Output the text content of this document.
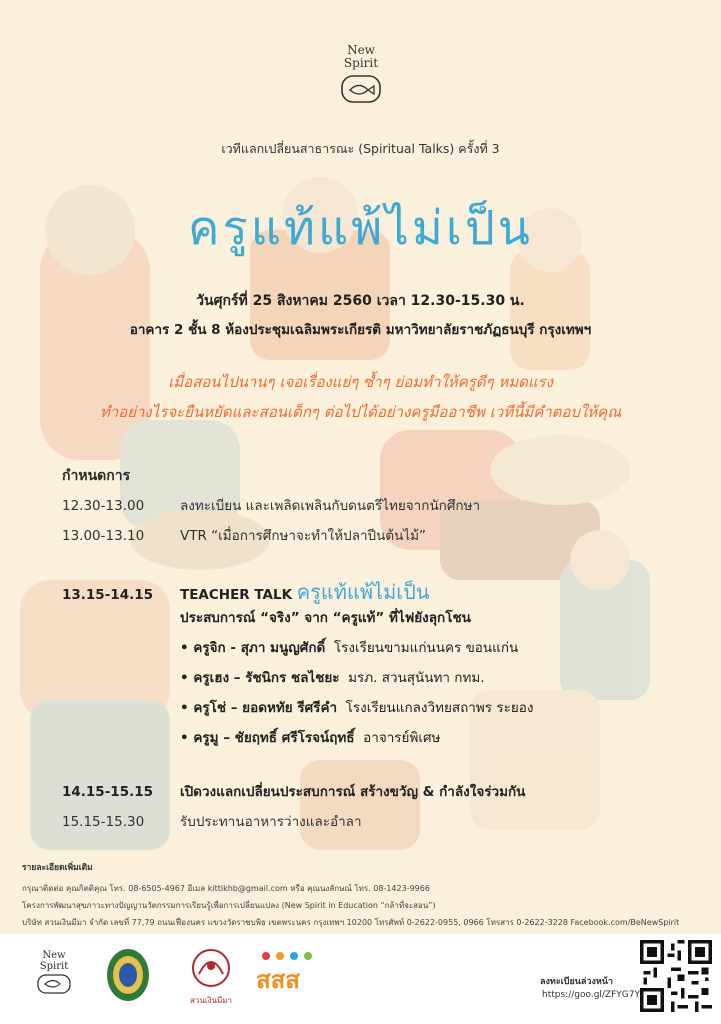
New
Spirit
เวทีแลกเปลี่ยนสาธารณะ (Spiritual Talks) ครั้งที่ 3
ครูแท้แพ้ไม่เป็น
วันศุกร์ที่ 25 สิงหาคม 2560 เวลา 12.30-15.30 น.
อาคาร 2 ชั้น 8 ห้องประชุมเฉลิมพระเกียรติ มหาวิทยาลัยราชภัฏธนบุรี กรุงเทพฯ
เมื่อสอนไปนานๆ เจอเรื่องแย่ๆ ซ้ำๆ ย่อมทำให้ครูดีๆ หมดแรง
ทำอย่างไรจะยืนหยัดและสอนเด็กๆ ต่อไปได้อย่างครูมืออาชีพ เวทีนี้มีคำตอบให้คุณ
กำหนดการ
12.30-13.00	ลงทะเบียน และเพลิดเพลินกับดนตรีไทยจากนักศึกษา
13.00-13.10	VTR “เมื่อการศึกษาจะทำให้ปลาปีนต้นไม้”
13.15-14.15 TEACHER TALK ครูแท้แพ้ไม่เป็น
ประสบการณ์ “จริง” จาก “ครูแท้” ที่ไฟยังลุกโชน
• ครูจิก - สุภา มนูญศักดิ์ โรงเรียนขามแก่นนคร ขอนแก่น
• ครูเฮง – รัชนิกร ชลไชยะ มรภ. สวนสุนันทา กทม.
• ครูโช่ – ยอดหทัย รีศรีคำ โรงเรียนแกลงวิทยสถาพร ระยอง
• ครูมู – ชัยฤทธิ์ ศรีโรจน์ฤทธิ์ อาจารย์พิเศษ
14.15-15.15 เปิดวงแลกเปลี่ยนประสบการณ์ สร้างขวัญ & กำลังใจร่วมกัน
15.15-15.30	รับประทานอาหารว่างและอำลา
รายละเอียดเพิ่มเติม
กรุณาติดต่อ คุณกิตติคุณ โทร. 08-6505-4967 อีเมล kittikhb@gmail.com หรือ คุณนงลักษณ์ โทร. 08-1423-9966
โครงการพัฒนาสุขภาวะทางปัญญานวัตกรรมการเรียนรู้เพื่อการเปลี่ยนแปลง (New Spirit in Education “กล้าที่จะสอน”)
บริษัท สวนเงินมีมา จำกัด เลขที่ 77,79 ถนนเฟื่องนคร แขวงวัดราชบพิธ เขตพระนคร กรุงเทพฯ 10200 โทรศัพท์ 0-2622-0955, 0966 โทรสาร 0-2622-3228 Facebook.com/BeNewSpirit
New
Spirit
สวนเงินมีมา
สสส	ลงทะเบียนล่วงหน้า
https://goo.gl/ZFYG7Y
